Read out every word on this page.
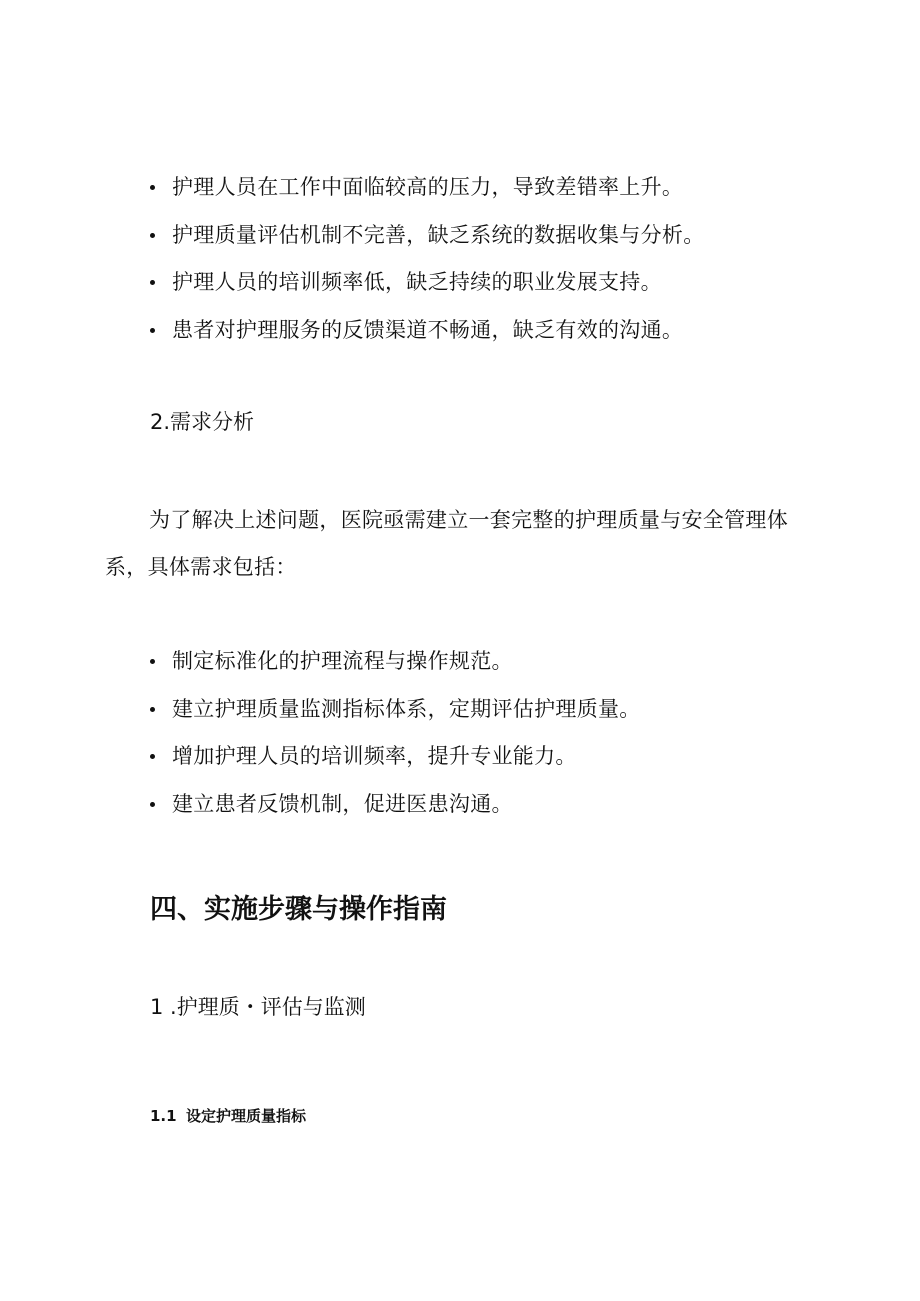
护理人员在工作中面临较高的压力，导致差错率上升。
护理质量评估机制不完善，缺乏系统的数据收集与分析。
护理人员的培训频率低，缺乏持续的职业发展支持。
患者对护理服务的反馈渠道不畅通，缺乏有效的沟通。
2.需求分析

为了解决上述问题，医院亟需建立一套完整的护理质量与安全管理体系，具体需求包括：

制定标准化的护理流程与操作规范。
建立护理质量监测指标体系，定期评估护理质量。
增加护理人员的培训频率，提升专业能力。
建立患者反馈机制，促进医患沟通。
四、实施步骤与操作指南
1 .护理质・评估与监测
1.1 设定护理质量指标
